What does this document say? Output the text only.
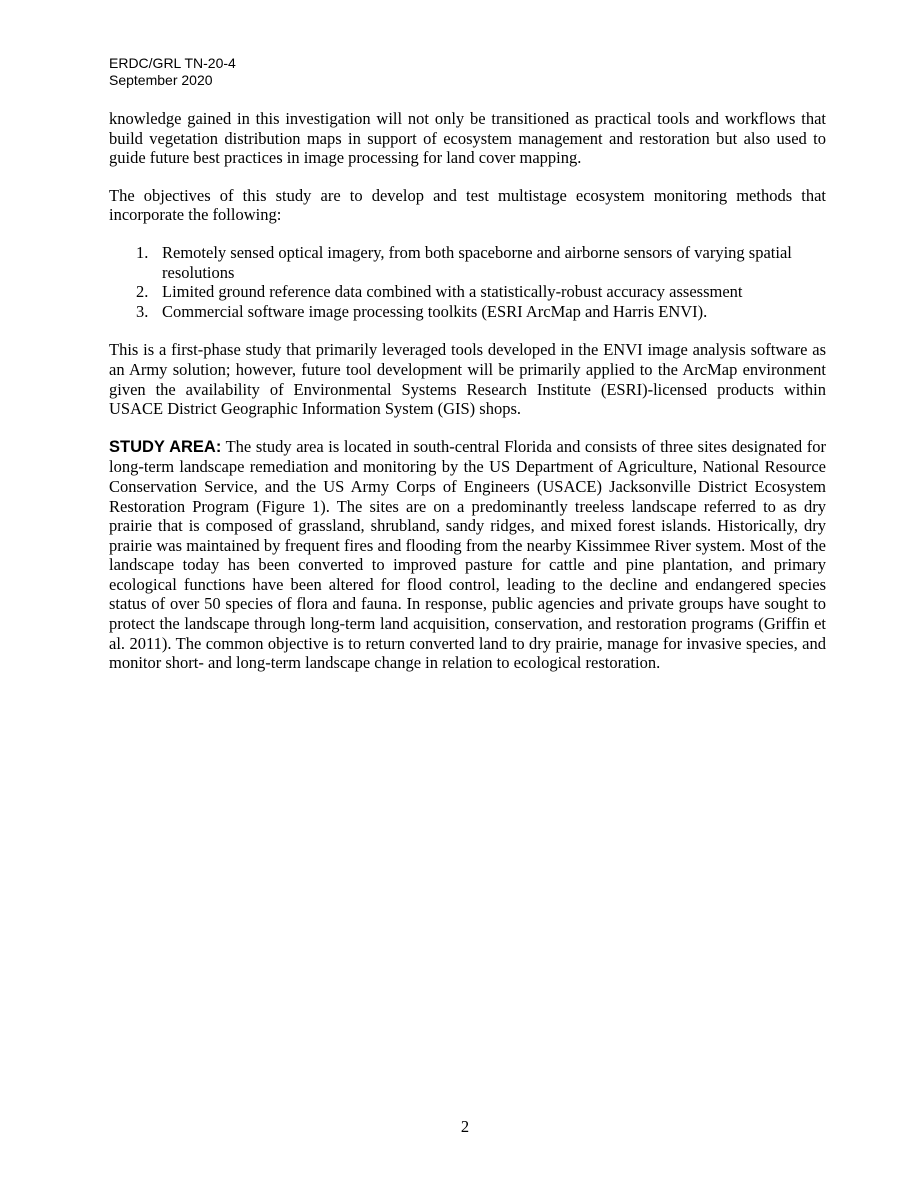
ERDC/GRL TN-20-4
September 2020

knowledge gained in this investigation will not only be transitioned as practical tools and workflows that build vegetation distribution maps in support of ecosystem management and restoration but also used to guide future best practices in image processing for land cover mapping.

The objectives of this study are to develop and test multistage ecosystem monitoring methods that incorporate the following:

1. Remotely sensed optical imagery, from both spaceborne and airborne sensors of varying spatial resolutions
2. Limited ground reference data combined with a statistically-robust accuracy assessment
3. Commercial software image processing toolkits (ESRI ArcMap and Harris ENVI).

This is a first-phase study that primarily leveraged tools developed in the ENVI image analysis software as an Army solution; however, future tool development will be primarily applied to the ArcMap environment given the availability of Environmental Systems Research Institute (ESRI)-licensed products within USACE District Geographic Information System (GIS) shops.

STUDY AREA: The study area is located in south-central Florida and consists of three sites designated for long-term landscape remediation and monitoring by the US Department of Agriculture, National Resource Conservation Service, and the US Army Corps of Engineers (USACE) Jacksonville District Ecosystem Restoration Program (Figure 1). The sites are on a predominantly treeless landscape referred to as dry prairie that is composed of grassland, shrubland, sandy ridges, and mixed forest islands. Historically, dry prairie was maintained by frequent fires and flooding from the nearby Kissimmee River system. Most of the landscape today has been converted to improved pasture for cattle and pine plantation, and primary ecological functions have been altered for flood control, leading to the decline and endangered species status of over 50 species of flora and fauna. In response, public agencies and private groups have sought to protect the landscape through long-term land acquisition, conservation, and restoration programs (Griffin et al. 2011). The common objective is to return converted land to dry prairie, manage for invasive species, and monitor short- and long-term landscape change in relation to ecological restoration.

2
